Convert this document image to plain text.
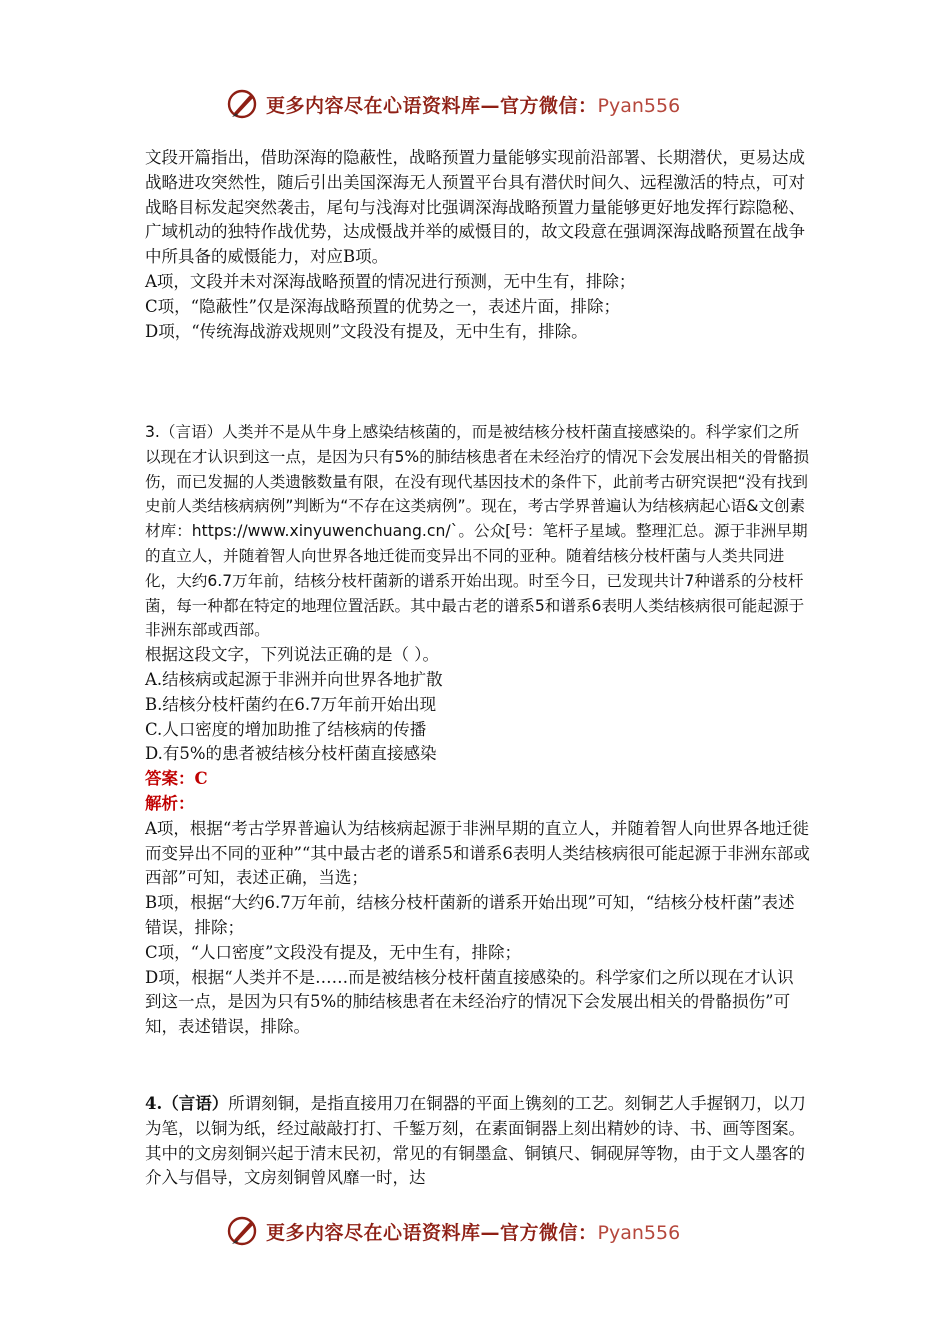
更多内容尽在心语资料库—官方微信：Pyan556

文段开篇指出，借助深海的隐蔽性，战略预置力量能够实现前沿部署、长期潜伏，更易达成战略进攻突然性，随后引出美国深海无人预置平台具有潜伏时间久、远程激活的特点，可对战略目标发起突然袭击，尾句与浅海对比强调深海战略预置力量能够更好地发挥行踪隐秘、广域机动的独特作战优势，达成慑战并举的威慑目的，故文段意在强调深海战略预置在战争中所具备的威慑能力，对应B项。

A项，文段并未对深海战略预置的情况进行预测，无中生有，排除；

C项，“隐蔽性”仅是深海战略预置的优势之一，表述片面，排除；

D项，“传统海战游戏规则”文段没有提及，无中生有，排除。

3.（言语）人类并不是从牛身上感染结核菌的，而是被结核分枝杆菌直接感染的。科学家们之所以现在才认识到这一点，是因为只有5%的肺结核患者在未经治疗的情况下会发展出相关的骨骼损伤，而已发掘的人类遗骸数量有限，在没有现代基因技术的条件下，此前考古研究误把“没有找到史前人类结核病病例”判断为“不存在这类病例”。现在，考古学界普遍认为结核病起心语&文创素材库：https://www.xinyuwenchuang.cn/`。公众[号：笔杆子星域。整理汇总。源于非洲早期的直立人，并随着智人向世界各地迁徙而变异出不同的亚种。随着结核分枝杆菌与人类共同进化，大约6.7万年前，结核分枝杆菌新的谱系开始出现。时至今日，已发现共计7种谱系的分枝杆菌，每一种都在特定的地理位置活跃。其中最古老的谱系5和谱系6表明人类结核病很可能起源于非洲东部或西部。

根据这段文字，下列说法正确的是（ ）。

A.结核病或起源于非洲并向世界各地扩散

B.结核分枝杆菌约在6.7万年前开始出现

C.人口密度的增加助推了结核病的传播

D.有5%的患者被结核分枝杆菌直接感染

答案：C

解析：

A项，根据“考古学界普遍认为结核病起源于非洲早期的直立人，并随着智人向世界各地迁徙而变异出不同的亚种”“其中最古老的谱系5和谱系6表明人类结核病很可能起源于非洲东部或西部”可知，表述正确，当选；

B项，根据“大约6.7万年前，结核分枝杆菌新的谱系开始出现”可知，“结核分枝杆菌”表述错误，排除；

C项，“人口密度”文段没有提及，无中生有，排除；

D项，根据“人类并不是……而是被结核分枝杆菌直接感染的。科学家们之所以现在才认识到这一点，是因为只有5%的肺结核患者在未经治疗的情况下会发展出相关的骨骼损伤”可知，表述错误，排除。

4.（言语）所谓刻铜，是指直接用刀在铜器的平面上镌刻的工艺。刻铜艺人手握钢刀，以刀为笔，以铜为纸，经过敲敲打打、千錾万刻，在素面铜器上刻出精妙的诗、书、画等图案。其中的文房刻铜兴起于清末民初，常见的有铜墨盒、铜镇尺、铜砚屏等物，由于文人墨客的介入与倡导，文房刻铜曾风靡一时，达

更多内容尽在心语资料库—官方微信：Pyan556
